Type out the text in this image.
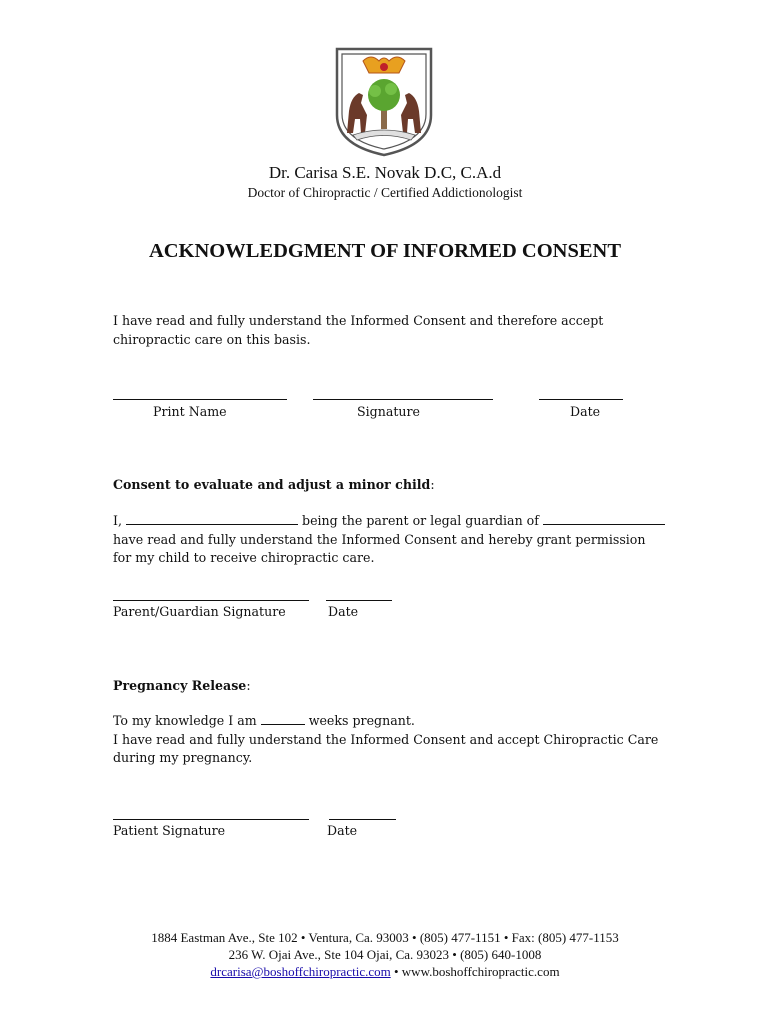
Dr. Carisa S.E. Novak D.C, C.A.d
Doctor of Chiropractic / Certified Addictionologist
ACKNOWLEDGMENT OF INFORMED CONSENT
I have read and fully understand the Informed Consent and therefore accept
chiropractic care on this basis.
Print Name	Signature	Date
Consent to evaluate and adjust a minor child:
I,	being the parent or legal guardian of
have read and fully understand the Informed Consent and hereby grant permission
for my child to receive chiropractic care.
Parent/Guardian Signature	Date
Pregnancy Release:
To my knowledge I am	weeks pregnant.
I have read and fully understand the Informed Consent and accept Chiropractic Care
during my pregnancy.
Patient Signature	Date
1884 Eastman Ave., Ste 102 • Ventura, Ca. 93003 • (805) 477-1151 • Fax: (805) 477-1153
236 W. Ojai Ave., Ste 104 Ojai, Ca. 93023 • (805) 640-1008
drcarisa@boshoffchiropractic.com • www.boshoffchiropractic.com
